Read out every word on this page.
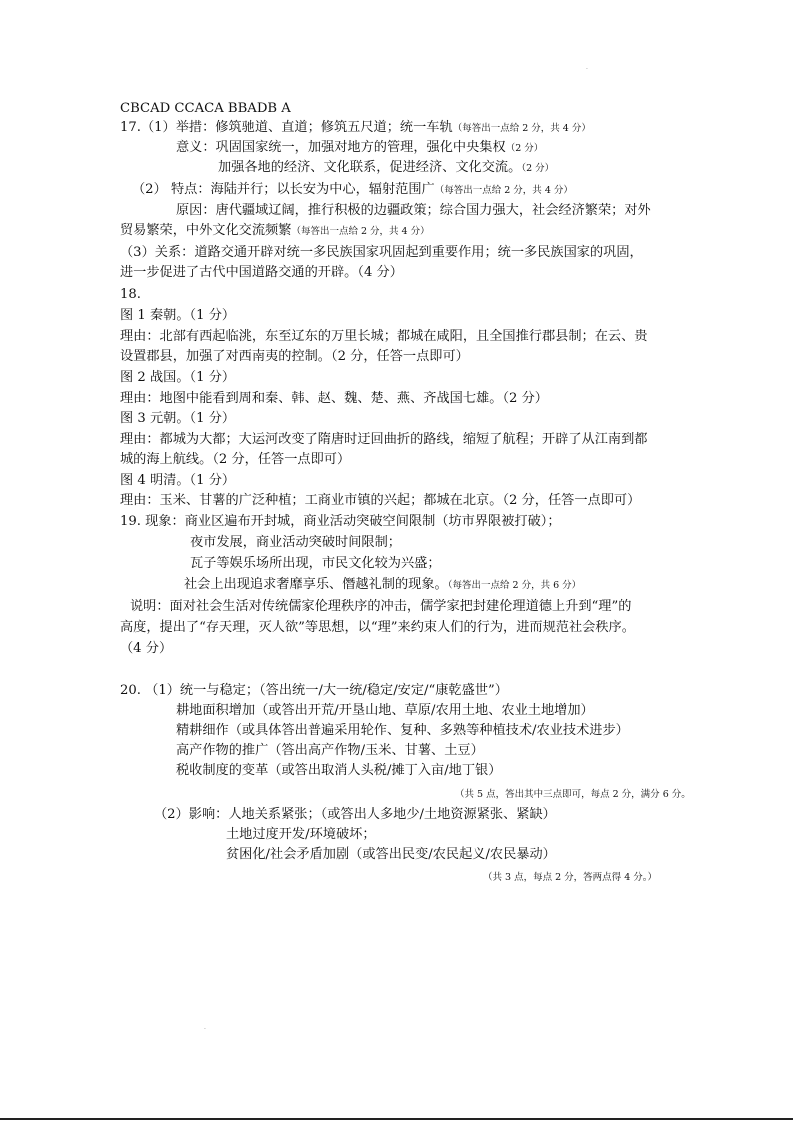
.
CBCAD CCACA BBADB A
17.（1）举措：修筑驰道、直道；修筑五尺道；统一车轨（每答出一点给 2 分，共 4 分）
意义：巩固国家统一，加强对地方的管理，强化中央集权（2 分）
加强各地的经济、文化联系，促进经济、文化交流。（2 分）
（2） 特点：海陆并行；以长安为中心，辐射范围广（每答出一点给 2 分，共 4 分）
原因：唐代疆域辽阔，推行积极的边疆政策；综合国力强大，社会经济繁荣；对外
贸易繁荣，中外文化交流频繁（每答出一点给 2 分，共 4 分）
（3）关系：道路交通开辟对统一多民族国家巩固起到重要作用；统一多民族国家的巩固，
进一步促进了古代中国道路交通的开辟。（4 分）
18.
图 1 秦朝。（1 分）
理由：北部有西起临洮，东至辽东的万里长城；都城在咸阳，且全国推行郡县制；在云、贵
设置郡县，加强了对西南夷的控制。（2 分，任答一点即可）
图 2 战国。（1 分）
理由：地图中能看到周和秦、韩、赵、魏、楚、燕、齐战国七雄。（2 分）
图 3 元朝。（1 分）
理由：都城为大都；大运河改变了隋唐时迂回曲折的路线，缩短了航程；开辟了从江南到都
城的海上航线。（2 分，任答一点即可）
图 4 明清。（1 分）
理由：玉米、甘薯的广泛种植；工商业市镇的兴起；都城在北京。（2 分，任答一点即可）
19. 现象：商业区遍布开封城，商业活动突破空间限制（坊市界限被打破）；
夜市发展，商业活动突破时间限制；
瓦子等娱乐场所出现，市民文化较为兴盛；
社会上出现追求奢靡享乐、僭越礼制的现象。（每答出一点给 2 分，共 6 分）
说明：面对社会生活对传统儒家伦理秩序的冲击，儒学家把封建伦理道德上升到“理”的
高度，提出了“存天理，灭人欲”等思想，以“理”来约束人们的行为，进而规范社会秩序。
（4 分）
20. （1）统一与稳定；（答出统一/大一统/稳定/安定/“康乾盛世”）
耕地面积增加（或答出开荒/开垦山地、草原/农用土地、农业土地增加）
精耕细作（或具体答出普遍采用轮作、复种、多熟等种植技术/农业技术进步）
高产作物的推广（答出高产作物/玉米、甘薯、土豆）
税收制度的变革（或答出取消人头税/摊丁入亩/地丁银）
（共 5 点，答出其中三点即可，每点 2 分，满分 6 分。
（2）影响：人地关系紧张；（或答出人多地少/土地资源紧张、紧缺）
土地过度开发/环境破坏；
贫困化/社会矛盾加剧（或答出民变/农民起义/农民暴动）
（共 3 点，每点 2 分，答两点得 4 分。）
.
